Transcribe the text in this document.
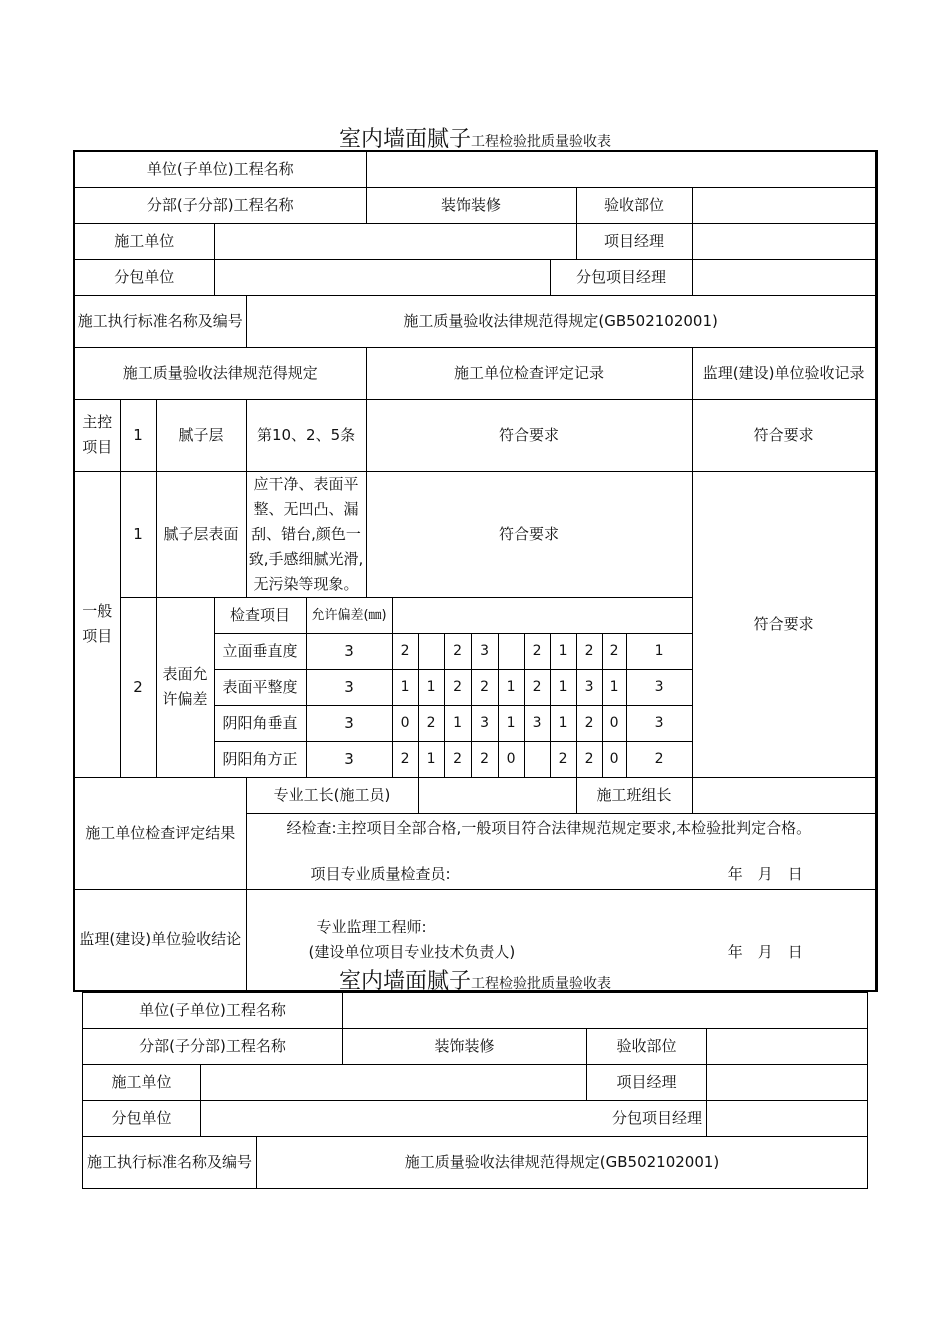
室内墙面腻子工程检验批质量验收表
单位(子单位)工程名称																		
分部(子分部)工程名称						装饰装修								验收部位				
施工单位														项目经理				
分包单位													分包项目经理					
施工执行标准名称及编号				施工质量验收法律规范得规定(GB502102001)														
施工质量验收法律规范得规定						施工单位检查评定记录											监理(建设)单位验收记录	
主控项目	1	腻子层		第10、2、5条		符合要求											符合要求	
一般项目	1	腻子层表面		应干净、表面平整、无凹凸、漏刮、错台,颜色一致,手感细腻光滑,无污染等现象。		符合要求											符合要求	
	2	表面允许偏差	检查项目		允许偏差(㎜)													
			立面垂直度		3		2		2	3		2	1	2	2	1		
			表面平整度		3		1	1	2	2	1	2	1	3	1	3		
			阴阳角垂直		3		0	2	1	3	1	3	1	2	0	3		
			阴阳角方正		3		2	1	2	2	0		2	2	0	2		
施工单位检查评定结果				专业工长(施工员)										施工班组长				
				经检查:主控项目全部合格,一般项目符合法律规范规定要求,本检验批判定合格。														

				项目专业质量检查员: 年　月　日														

监理(建设)单位验收结论				专业监理工程师:
(建设单位项目专业技术负责人) 年　月　日														
室内墙面腻子工程检验批质量验收表
单位(子单位)工程名称					
分部(子分部)工程名称			装饰装修	验收部位	
施工单位				项目经理	
分包单位				分包项目经理	
施工执行标准名称及编号		施工质量验收法律规范得规定(GB502102001)			
